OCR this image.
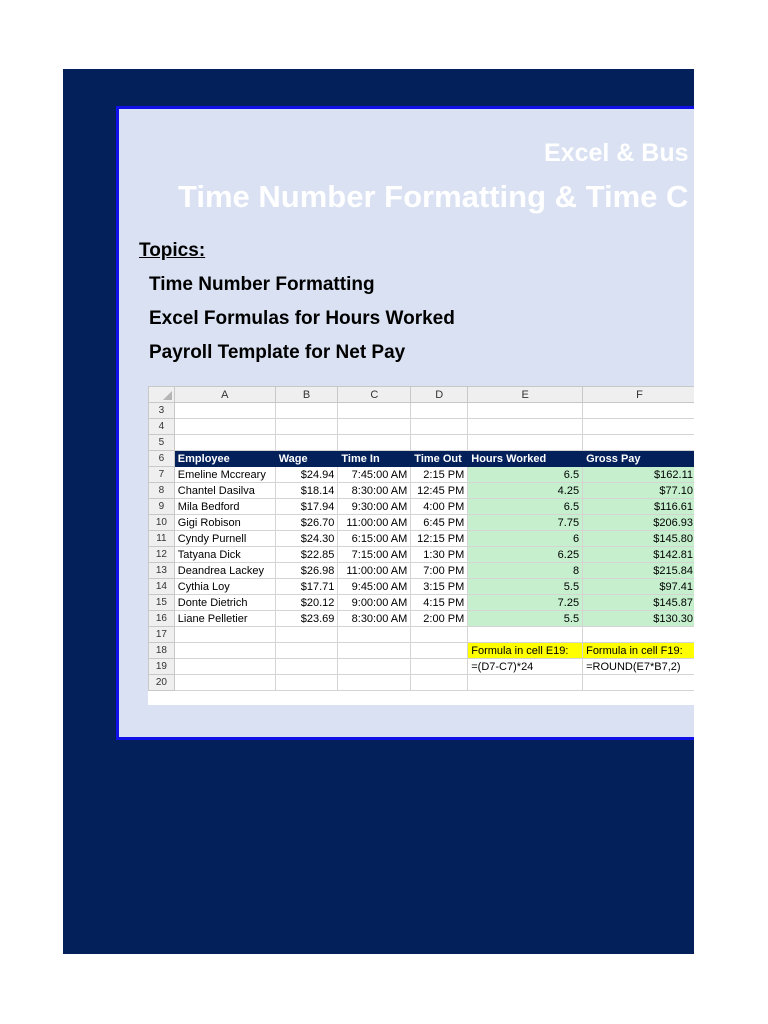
Excel & Bus
Time Number Formatting & Time C
Topics:
Time Number Formatting
Excel Formulas for Hours Worked
Payroll Template for Net Pay
	A	B	C	D	E	F
3						
4						
5						
6	Employee	Wage	Time In	Time Out	Hours Worked	Gross Pay
7	Emeline Mccreary	$24.94	7:45:00 AM	2:15 PM	6.5	$162.11
8	Chantel Dasilva	$18.14	8:30:00 AM	12:45 PM	4.25	$77.10
9	Mila Bedford	$17.94	9:30:00 AM	4:00 PM	6.5	$116.61
10	Gigi Robison	$26.70	11:00:00 AM	6:45 PM	7.75	$206.93
11	Cyndy Purnell	$24.30	6:15:00 AM	12:15 PM	6	$145.80
12	Tatyana Dick	$22.85	7:15:00 AM	1:30 PM	6.25	$142.81
13	Deandrea Lackey	$26.98	11:00:00 AM	7:00 PM	8	$215.84
14	Cythia Loy	$17.71	9:45:00 AM	3:15 PM	5.5	$97.41
15	Donte Dietrich	$20.12	9:00:00 AM	4:15 PM	7.25	$145.87
16	Liane Pelletier	$23.69	8:30:00 AM	2:00 PM	5.5	$130.30
17						
18					Formula in cell E19:	Formula in cell F19:
19					=(D7-C7)*24	=ROUND(E7*B7,2)
20						
